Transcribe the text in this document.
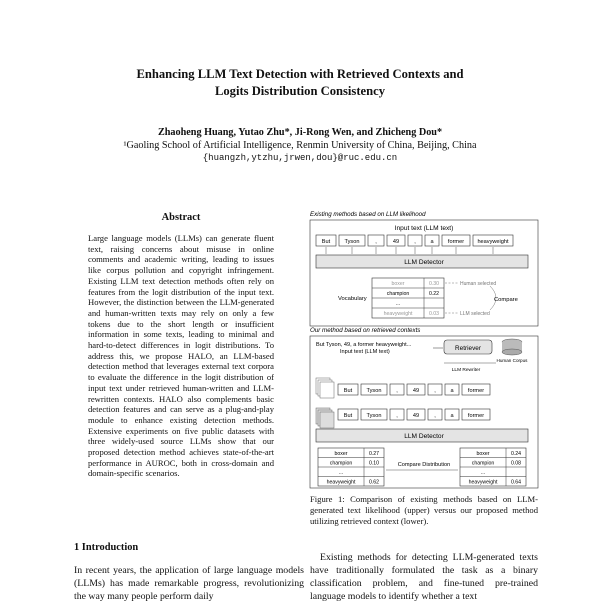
Enhancing LLM Text Detection with Retrieved Contexts and
Logits Distribution Consistency
Zhaoheng Huang, Yutao Zhu*, Ji-Rong Wen, and Zhicheng Dou*
¹Gaoling School of Artificial Intelligence, Renmin University of China, Beijing, China
{huangzh,ytzhu,jrwen,dou}@ruc.edu.cn
Abstract
Large language models (LLMs) can generate fluent text, raising concerns about misuse in online comments and academic writing, leading to issues like corpus pollution and copyright infringement. Existing LLM text detection methods often rely on features from the logit distribution of the input text. However, the distinction between the LLM-generated and human-written texts may rely on only a few tokens due to the short length or insufficient information in some texts, leading to minimal and hard-to-detect differences in logit distributions. To address this, we propose HALO, an LLM-based detection method that leverages external text corpora to evaluate the difference in the logit distribution of input text under retrieved human-written and LLM-rewritten contexts. HALO also complements basic detection features and can serve as a plug-and-play module to enhance existing detection methods. Extensive experiments on five public datasets with three widely-used source LLMs show that our proposed detection method achieves state-of-the-art performance in AUROC, both in cross-domain and domain-specific scenarios.
1 Introduction
In recent years, the application of large language models (LLMs) has made remarkable progress, revolutionizing the way many people perform daily
Existing methods based on LLM likelihood
Input text (LLM text)
But	Tyson	,	49	,	a	former heavyweight
LLM Detector
Vocabulary
boxer	0.30
champion	0.22
...
heavyweight	0.03
Human selected
LLM selected
Compare
Our method based on retrieved contexts
But Tyson, 49, a former heavyweight...
Input text (LLM text)	Retriever
Human Corpus
LLM Rewriter
But	Tyson	,	49	,	a	former
But	Tyson	,	49	,	a	former
LLM Detector
boxer	0.27
champion	0.10
...
heavyweight	0.62
Compare Distribution
boxer	0.24
champion	0.08
...
heavyweight	0.64
Figure 1: Comparison of existing methods based on LLM-generated text likelihood (upper) versus our proposed method utilizing retrieved context (lower).
Existing methods for detecting LLM-generated texts have traditionally formulated the task as a binary classification problem, and fine-tuned pre-trained language models to identify whether a text
